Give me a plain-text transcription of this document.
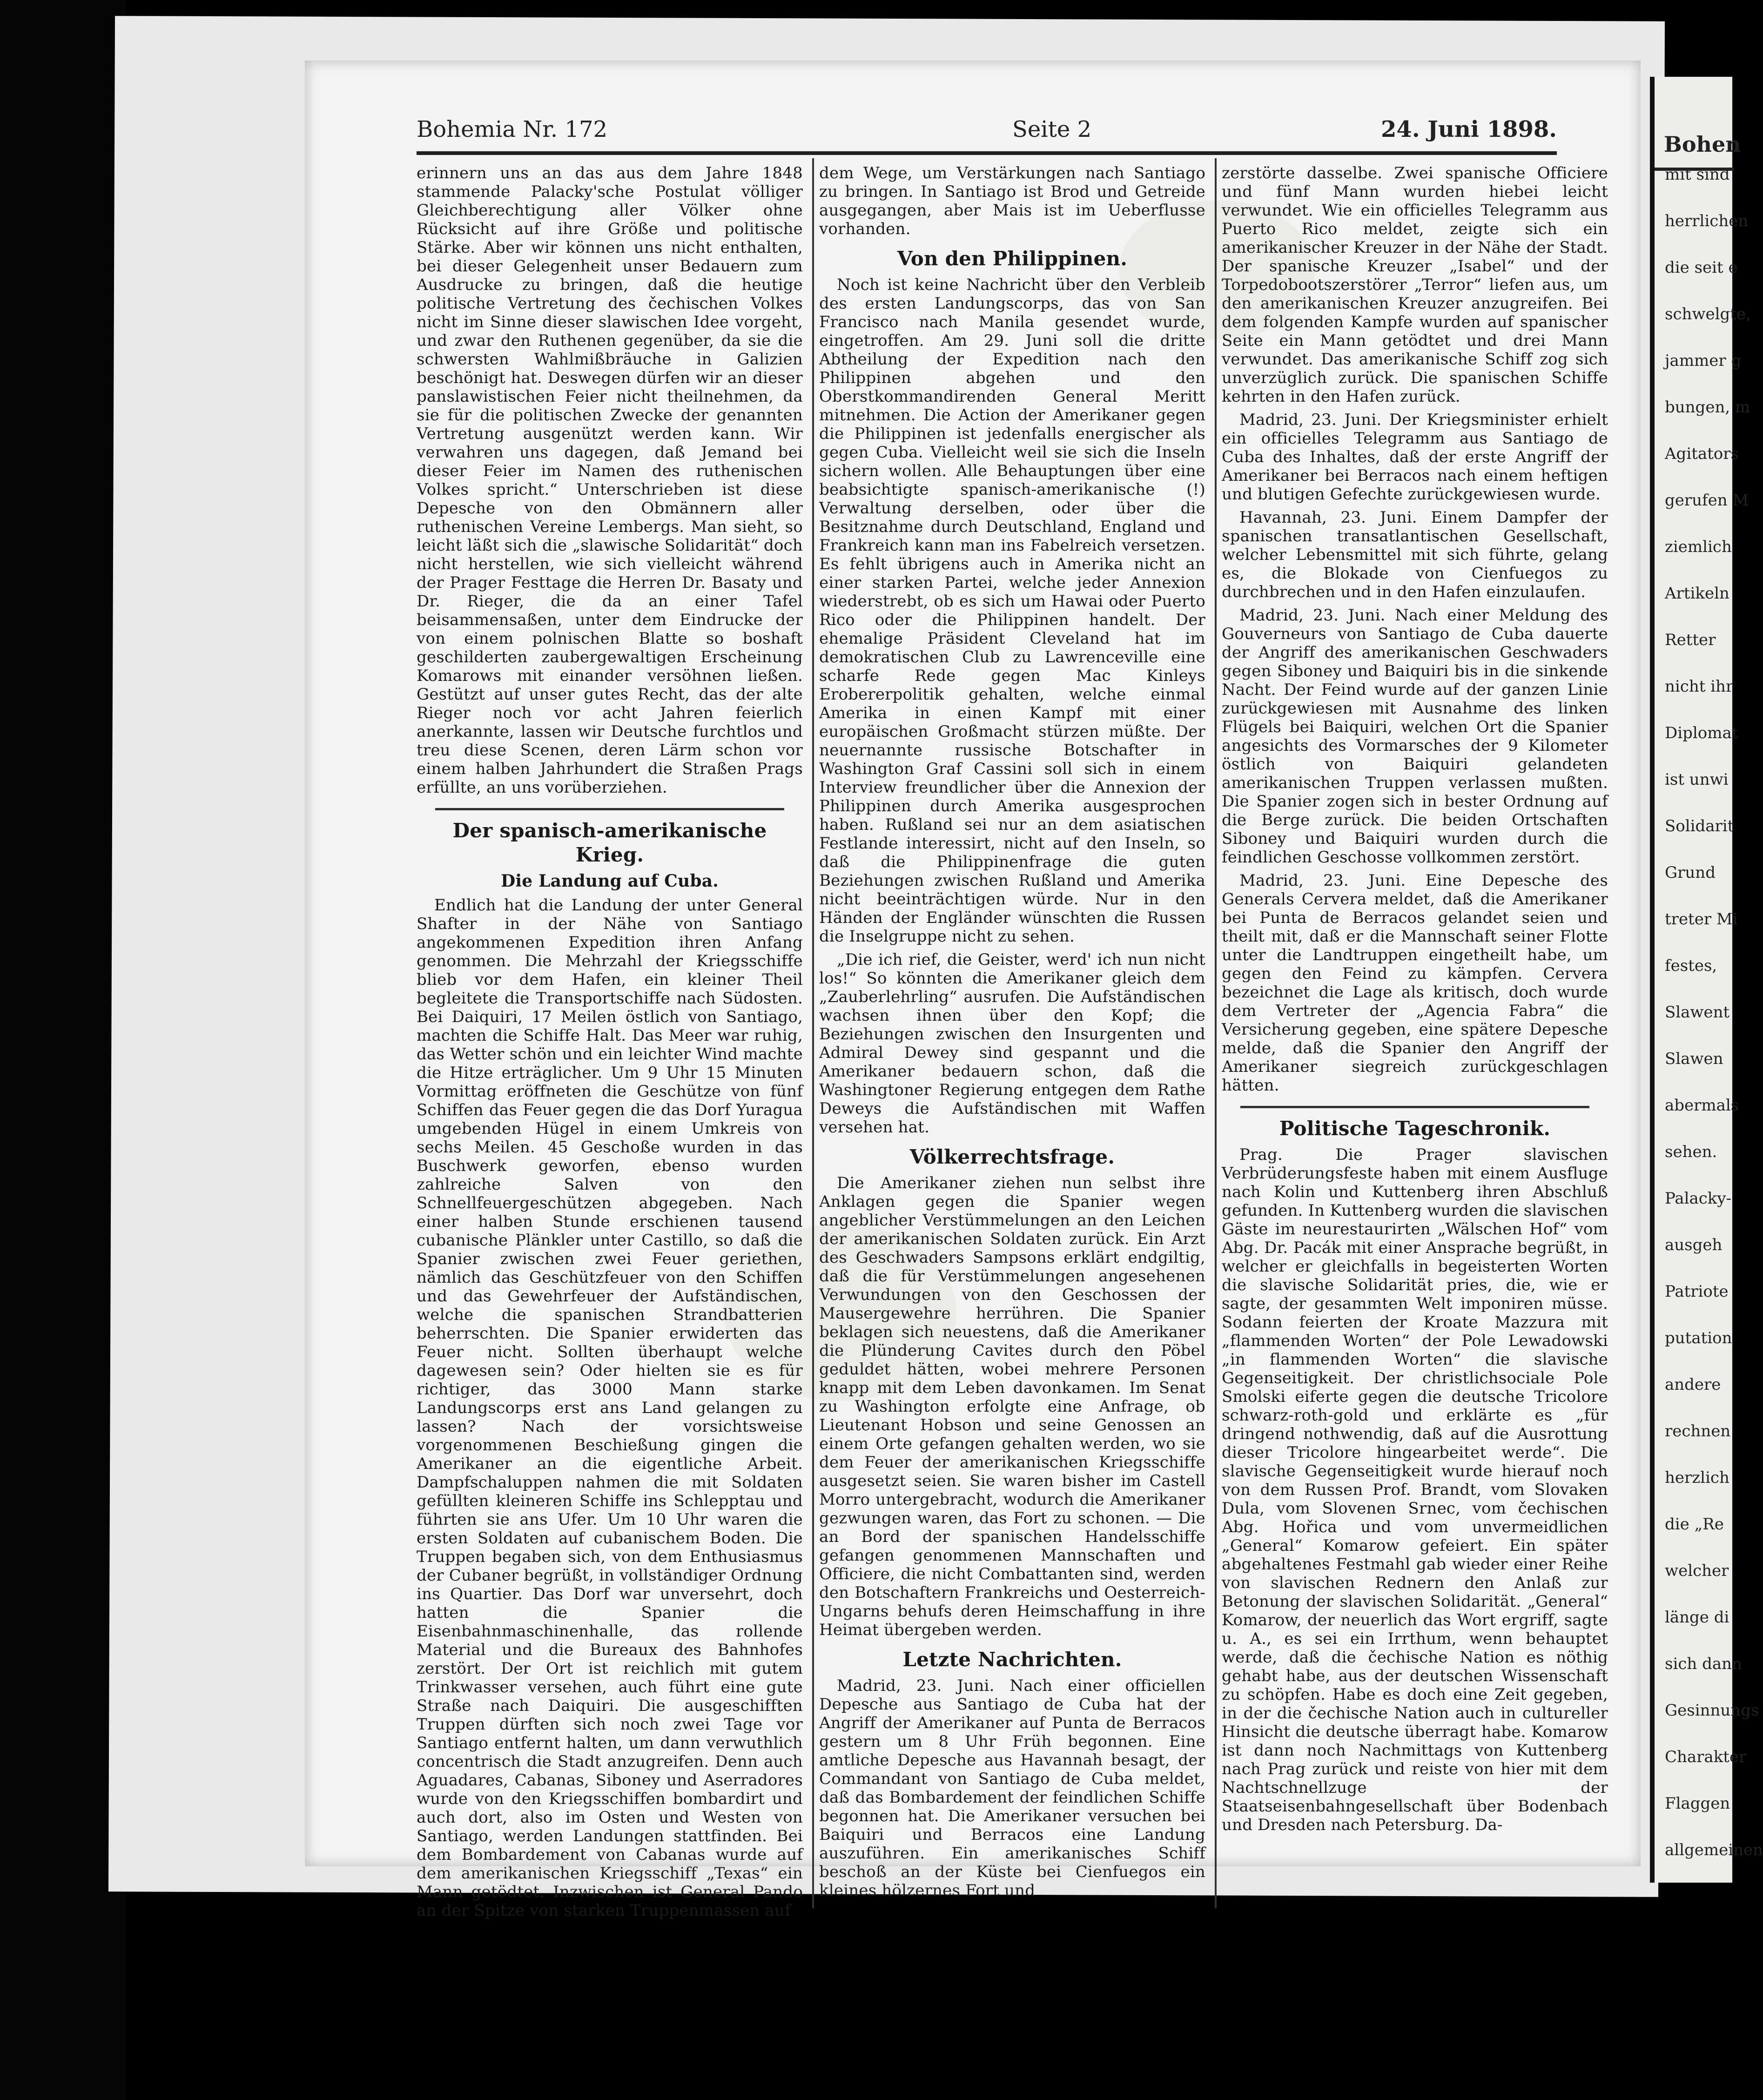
Bohemia Nr. 172	Seite 2	24. Juni 1898.

erinnern uns an das aus dem Jahre 1848 stammende Palacky'sche Postulat völliger Gleichberechtigung aller Völker ohne Rücksicht auf ihre Größe und politische Stärke. Aber wir können uns nicht enthalten, bei dieser Gelegenheit unser Bedauern zum Ausdrucke zu bringen, daß die heutige politische Vertretung des čechischen Volkes nicht im Sinne dieser slawischen Idee vorgeht, und zwar den Ruthenen gegenüber, da sie die schwersten Wahlmißbräuche in Galizien beschönigt hat. Deswegen dürfen wir an dieser panslawistischen Feier nicht theilnehmen, da sie für die politischen Zwecke der genannten Vertretung ausgenützt werden kann. Wir verwahren uns dagegen, daß Jemand bei dieser Feier im Namen des ruthenischen Volkes spricht.“ Unterschrieben ist diese Depesche von den Obmännern aller ruthenischen Vereine Lembergs. Man sieht, so leicht läßt sich die „slawische Solidarität“ doch nicht herstellen, wie sich vielleicht während der Prager Festtage die Herren Dr. Basaty und Dr. Rieger, die da an einer Tafel beisammensaßen, unter dem Eindrucke der von einem polnischen Blatte so boshaft geschilderten zaubergewaltigen Erscheinung Komarows mit einander versöhnen ließen. Gestützt auf unser gutes Recht, das der alte Rieger noch vor acht Jahren feierlich anerkannte, lassen wir Deutsche furchtlos und treu diese Scenen, deren Lärm schon vor einem halben Jahrhundert die Straßen Prags erfüllte, an uns vorüberziehen.

Der spanisch-amerikanische Krieg.
Die Landung auf Cuba.

Endlich hat die Landung der unter General Shafter in der Nähe von Santiago angekommenen Expedition ihren Anfang genommen. Die Mehrzahl der Kriegsschiffe blieb vor dem Hafen, ein kleiner Theil begleitete die Transportschiffe nach Südosten. Bei Daiquiri, 17 Meilen östlich von Santiago, machten die Schiffe Halt. Das Meer war ruhig, das Wetter schön und ein leichter Wind machte die Hitze erträglicher. Um 9 Uhr 15 Minuten Vormittag eröffneten die Geschütze von fünf Schiffen das Feuer gegen die das Dorf Yuragua umgebenden Hügel in einem Umkreis von sechs Meilen. 45 Geschoße wurden in das Buschwerk geworfen, ebenso wurden zahlreiche Salven von den Schnellfeuergeschützen abgegeben. Nach einer halben Stunde erschienen tausend cubanische Plänkler unter Castillo, so daß die Spanier zwischen zwei Feuer geriethen, nämlich das Geschützfeuer von den Schiffen und das Gewehrfeuer der Aufständischen, welche die spanischen Strandbatterien beherrschten. Die Spanier erwiderten das Feuer nicht. Sollten überhaupt welche dagewesen sein? Oder hielten sie es für richtiger, das 3000 Mann starke Landungscorps erst ans Land gelangen zu lassen? Nach der vorsichtsweise vorgenommenen Beschießung gingen die Amerikaner an die eigentliche Arbeit. Dampfschaluppen nahmen die mit Soldaten gefüllten kleineren Schiffe ins Schlepptau und führten sie ans Ufer. Um 10 Uhr waren die ersten Soldaten auf cubanischem Boden. Die Truppen begaben sich, von dem Enthusiasmus der Cubaner begrüßt, in vollständiger Ordnung ins Quartier. Das Dorf war unversehrt, doch hatten die Spanier die Eisenbahnmaschinenhalle, das rollende Material und die Bureaux des Bahnhofes zerstört. Der Ort ist reichlich mit gutem Trinkwasser versehen, auch führt eine gute Straße nach Daiquiri. Die ausgeschifften Truppen dürften sich noch zwei Tage vor Santiago entfernt halten, um dann verwuthlich concentrisch die Stadt anzugreifen. Denn auch Aguadares, Cabanas, Siboney und Aserradores wurde von den Kriegsschiffen bombardirt und auch dort, also im Osten und Westen von Santiago, werden Landungen stattfinden. Bei dem Bombardement von Cabanas wurde auf dem amerikanischen Kriegsschiff „Texas“ ein Mann getödtet. Inzwischen ist General Pando an der Spitze von starken Truppenmassen auf

dem Wege, um Verstärkungen nach Santiago zu bringen. In Santiago ist Brod und Getreide ausgegangen, aber Mais ist im Ueberflusse vorhanden.

Von den Philippinen.

Noch ist keine Nachricht über den Verbleib des ersten Landungscorps, das von San Francisco nach Manila gesendet wurde, eingetroffen. Am 29. Juni soll die dritte Abtheilung der Expedition nach den Philippinen abgehen und den Oberstkommandirenden General Meritt mitnehmen. Die Action der Amerikaner gegen die Philippinen ist jedenfalls energischer als gegen Cuba. Vielleicht weil sie sich die Inseln sichern wollen. Alle Behauptungen über eine beabsichtigte spanisch-amerikanische (!) Verwaltung derselben, oder über die Besitznahme durch Deutschland, England und Frankreich kann man ins Fabelreich versetzen. Es fehlt übrigens auch in Amerika nicht an einer starken Partei, welche jeder Annexion wiederstrebt, ob es sich um Hawai oder Puerto Rico oder die Philippinen handelt. Der ehemalige Präsident Cleveland hat im demokratischen Club zu Lawrenceville eine scharfe Rede gegen Mac Kinleys Erobererpolitik gehalten, welche einmal Amerika in einen Kampf mit einer europäischen Großmacht stürzen müßte. Der neuernannte russische Botschafter in Washington Graf Cassini soll sich in einem Interview freundlicher über die Annexion der Philippinen durch Amerika ausgesprochen haben. Rußland sei nur an dem asiatischen Festlande interessirt, nicht auf den Inseln, so daß die Philippinenfrage die guten Beziehungen zwischen Rußland und Amerika nicht beeinträchtigen würde. Nur in den Händen der Engländer wünschten die Russen die Inselgruppe nicht zu sehen.

„Die ich rief, die Geister, werd' ich nun nicht los!“ So könnten die Amerikaner gleich dem „Zauberlehrling“ ausrufen. Die Aufständischen wachsen ihnen über den Kopf; die Beziehungen zwischen den Insurgenten und Admiral Dewey sind gespannt und die Amerikaner bedauern schon, daß die Washingtoner Regierung entgegen dem Rathe Deweys die Aufständischen mit Waffen versehen hat.

Völkerrechtsfrage.

Die Amerikaner ziehen nun selbst ihre Anklagen gegen die Spanier wegen angeblicher Verstümmelungen an den Leichen der amerikanischen Soldaten zurück. Ein Arzt des Geschwaders Sampsons erklärt endgiltig, daß die für Verstümmelungen angesehenen Verwundungen von den Geschossen der Mausergewehre herrühren. Die Spanier beklagen sich neuestens, daß die Amerikaner die Plünderung Cavites durch den Pöbel geduldet hätten, wobei mehrere Personen knapp mit dem Leben davonkamen. Im Senat zu Washington erfolgte eine Anfrage, ob Lieutenant Hobson und seine Genossen an einem Orte gefangen gehalten werden, wo sie dem Feuer der amerikanischen Kriegsschiffe ausgesetzt seien. Sie waren bisher im Castell Morro untergebracht, wodurch die Amerikaner gezwungen waren, das Fort zu schonen. — Die an Bord der spanischen Handelsschiffe gefangen genommenen Mannschaften und Officiere, die nicht Combattanten sind, werden den Botschaftern Frankreichs und Oesterreich-Ungarns behufs deren Heimschaffung in ihre Heimat übergeben werden.

Letzte Nachrichten.

Madrid, 23. Juni. Nach einer officiellen Depesche aus Santiago de Cuba hat der Angriff der Amerikaner auf Punta de Berracos gestern um 8 Uhr Früh begonnen. Eine amtliche Depesche aus Havannah besagt, der Commandant von Santiago de Cuba meldet, daß das Bombardement der feindlichen Schiffe begonnen hat. Die Amerikaner versuchen bei Baiquiri und Berracos eine Landung auszuführen. Ein amerikanisches Schiff beschoß an der Küste bei Cienfuegos ein kleines hölzernes Fort und

zerstörte dasselbe. Zwei spanische Officiere und fünf Mann wurden hiebei leicht verwundet. Wie ein officielles Telegramm aus Puerto Rico meldet, zeigte sich ein amerikanischer Kreuzer in der Nähe der Stadt. Der spanische Kreuzer „Isabel“ und der Torpedobootszerstörer „Terror“ liefen aus, um den amerikanischen Kreuzer anzugreifen. Bei dem folgenden Kampfe wurden auf spanischer Seite ein Mann getödtet und drei Mann verwundet. Das amerikanische Schiff zog sich unverzüglich zurück. Die spanischen Schiffe kehrten in den Hafen zurück.

Madrid, 23. Juni. Der Kriegsminister erhielt ein officielles Telegramm aus Santiago de Cuba des Inhaltes, daß der erste Angriff der Amerikaner bei Berracos nach einem heftigen und blutigen Gefechte zurückgewiesen wurde.

Havannah, 23. Juni. Einem Dampfer der spanischen transatlantischen Gesellschaft, welcher Lebensmittel mit sich führte, gelang es, die Blokade von Cienfuegos zu durchbrechen und in den Hafen einzulaufen.

Madrid, 23. Juni. Nach einer Meldung des Gouverneurs von Santiago de Cuba dauerte der Angriff des amerikanischen Geschwaders gegen Siboney und Baiquiri bis in die sinkende Nacht. Der Feind wurde auf der ganzen Linie zurückgewiesen mit Ausnahme des linken Flügels bei Baiquiri, welchen Ort die Spanier angesichts des Vormarsches der 9 Kilometer östlich von Baiquiri gelandeten amerikanischen Truppen verlassen mußten. Die Spanier zogen sich in bester Ordnung auf die Berge zurück. Die beiden Ortschaften Siboney und Baiquiri wurden durch die feindlichen Geschosse vollkommen zerstört.

Madrid, 23. Juni. Eine Depesche des Generals Cervera meldet, daß die Amerikaner bei Punta de Berracos gelandet seien und theilt mit, daß er die Mannschaft seiner Flotte unter die Landtruppen eingetheilt habe, um gegen den Feind zu kämpfen. Cervera bezeichnet die Lage als kritisch, doch wurde dem Vertreter der „Agencia Fabra“ die Versicherung gegeben, eine spätere Depesche melde, daß die Spanier den Angriff der Amerikaner siegreich zurückgeschlagen hätten.

Politische Tageschronik.

Prag. Die Prager slavischen Verbrüderungsfeste haben mit einem Ausfluge nach Kolin und Kuttenberg ihren Abschluß gefunden. In Kuttenberg wurden die slavischen Gäste im neurestaurirten „Wälschen Hof“ vom Abg. Dr. Pacák mit einer Ansprache begrüßt, in welcher er gleichfalls in begeisterten Worten die slavische Solidarität pries, die, wie er sagte, der gesammten Welt imponiren müsse. Sodann feierten der Kroate Mazzura mit „flammenden Worten“ der Pole Lewadowski „in flammenden Worten“ die slavische Gegenseitigkeit. Der christlichsociale Pole Smolski eiferte gegen die deutsche Tricolore schwarz-roth-gold und erklärte es „für dringend nothwendig, daß auf die Ausrottung dieser Tricolore hingearbeitet werde“. Die slavische Gegenseitigkeit wurde hierauf noch von dem Russen Prof. Brandt, vom Slovaken Dula, vom Slovenen Srnec, vom čechischen Abg. Hořica und vom unvermeidlichen „General“ Komarow gefeiert. Ein später abgehaltenes Festmahl gab wieder einer Reihe von slavischen Rednern den Anlaß zur Betonung der slavischen Solidarität. „General“ Komarow, der neuerlich das Wort ergriff, sagte u. A., es sei ein Irrthum, wenn behauptet werde, daß die čechische Nation es nöthig gehabt habe, aus der deutschen Wissenschaft zu schöpfen. Habe es doch eine Zeit gegeben, in der die čechische Nation auch in cultureller Hinsicht die deutsche überragt habe. Komarow ist dann noch Nachmittags von Kuttenberg nach Prag zurück und reiste von hier mit dem Nachtschnellzuge der Staatseisenbahngesellschaft über Bodenbach und Dresden nach Petersburg. Da-

Bohen
mit sind
herrlichen
die seit e
schwelgte,
jammer g
bungen, m
Agitators
gerufen M
ziemlich
Artikeln
Retter
nicht ihr
Diplomat
ist unwi
Solidarit
Grund
treter Mi
festes,
Slawent
Slawen
abermals
sehen.
Palacky-
ausgeh
Patriote
putation
andere
rechnen
herzlich
die „Re
welcher
länge di
sich dann
Gesinnungs
Charakter
Flaggen
allgemeinen
